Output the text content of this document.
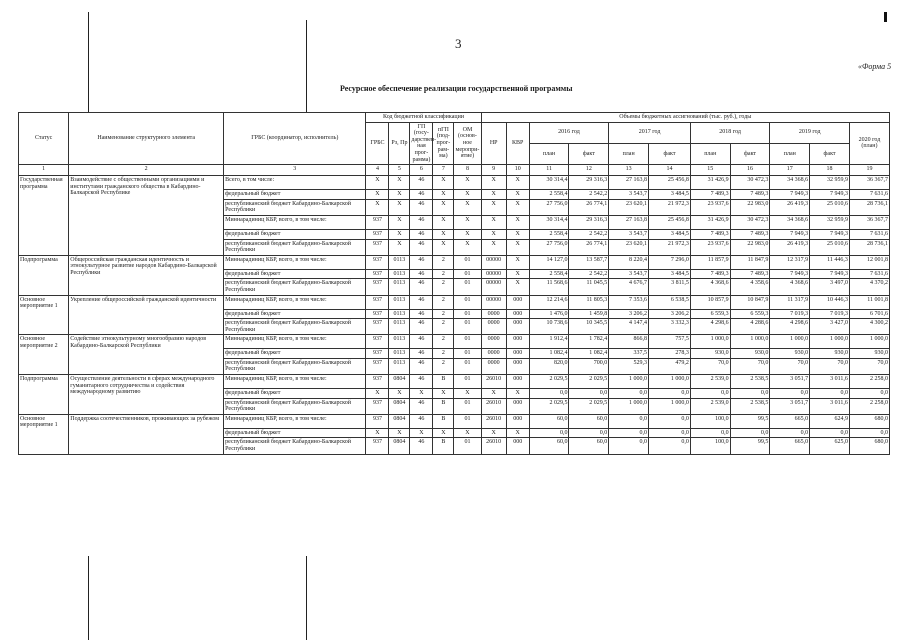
3
Ресурсное обеспечение реализации государственной программы
«Форма 5
Статус	Наименование структурного элемента	ГРБС (координатор, исполнитель)	Код бюджетной классификации					Объемы бюджетных ассигнований (тыс. руб.), годы										
			ГРБС	Рз, Пр	ГП (госу-дарствен-ная прог-рамма)	пГП (под-прог-рам-ма)	ОМ (основ-ное меропри-ятие)	НР	КВР	2016 год		2017 год		2018 год		2019 год		2020 год (план)
										план	факт	план	факт	план	факт	план	факт	
1	2	3	4	5	6	7	8	9	10	11	12	13	14	15	16	17	18	19
Государственная программа	Взаимодействие с общественными организациями и институтами гражданского общества в Кабардино-Балкарской Республике	Всего, в том числе:	X	X	46	X	X	X	X	30 314,4	29 316,3	27 163,8	25 456,8	31 426,9	30 472,3	34 368,6	32 959,9	36 367,7
		федеральный бюджет	X	X	46	X	X	X	X	2 558,4	2 542,2	3 543,7	3 484,5	7 489,3	7 489,3	7 949,3	7 949,3	7 631,6
		республиканский бюджет Кабардино-Балкарской Республики	X	X	46	X	X	X	X	27 756,0	26 774,1	23 620,1	21 972,3	23 937,6	22 983,0	26 419,3	25 010,6	28 736,1
		Миннарадиниц КБР, всего, в том числе:	937	X	46	X	X	X	X	30 314,4	29 316,3	27 163,8	25 456,8	31 426,9	30 472,3	34 368,6	32 959,9	36 367,7
		федеральный бюджет	937	X	46	X	X	X	X	2 558,4	2 542,2	3 543,7	3 484,5	7 489,3	7 489,3	7 949,3	7 949,3	7 631,6
		республиканский бюджет Кабардино-Балкарской Республики	937	X	46	X	X	X	X	27 756,0	26 774,1	23 620,1	21 972,3	23 937,6	22 983,0	26 419,3	25 010,6	28 736,1
Подпрограмма	Общероссийская гражданская идентичность и этнокультурное развитие народов Кабардино-Балкарской Республики	Миннарадиниц КБР, всего, в том числе:	937	0113	46	2	01	00000	X	14 127,0	13 587,7	8 220,4	7 296,0	11 857,9	11 847,9	12 317,9	11 446,3	12 001,8
		федеральный бюджет	937	0113	46	2	01	00000	X	2 558,4	2 542,2	3 543,7	3 484,5	7 489,3	7 489,3	7 949,3	7 949,3	7 631,6
		республиканский бюджет Кабардино-Балкарской Республики	937	0113	46	2	01	00000	X	11 568,6	11 045,5	4 676,7	3 811,5	4 368,6	4 358,6	4 368,6	3 497,0	4 370,2
Основное мероприятие 1	Укрепление общероссийской гражданской идентичности	Миннарадиниц КБР, всего, в том числе:	937	0113	46	2	01	00000	000	12 214,6	11 805,3	7 353,6	6 538,5	10 857,9	10 847,9	11 317,9	10 446,3	11 001,8
		федеральный бюджет	937	0113	46	2	01	0000	000	1 476,0	1 459,8	3 206,2	3 206,2	6 559,3	6 559,3	7 019,3	7 019,3	6 701,6
		республиканский бюджет Кабардино-Балкарской Республики	937	0113	46	2	01	0000	000	10 738,6	10 345,5	4 147,4	3 332,3	4 298,6	4 288,6	4 298,6	3 427,0	4 300,2
Основное мероприятие 2	Содействие этнокультурному многообразию народов Кабардино-Балкарской Республики	Миннарадиниц КБР, всего, в том числе:	937	0113	46	2	01	0000	000	1 912,4	1 782,4	866,8	757,5	1 000,0	1 000,0	1 000,0	1 000,0	1 000,0
		федеральный бюджет	937	0113	46	2	01	0000	000	1 082,4	1 082,4	337,5	278,3	930,0	930,0	930,0	930,0	930,0
		республиканский бюджет Кабардино-Балкарской Республики	937	0113	46	2	01	0000	000	820,0	700,0	529,3	479,2	70,0	70,0	70,0	70,0	70,0
Подпрограмма	Осуществление деятельности в сферах международного гуманитарного сотрудничества и содействия международному развитию	Миннарадиниц КБР, всего, в том числе:	937	0804	46	В	01	26010	000	2 029,5	2 029,5	1 000,0	1 000,0	2 539,0	2 538,5	3 051,7	3 011,6	2 258,0
		федеральный бюджет	X	X	X	X	X	X	X	0,0	0,0	0,0	0,0	0,0	0,0	0,0	0,0	0,0
		республиканский бюджет Кабардино-Балкарской Республики	937	0804	46	В	01	26010	000	2 029,5	2 029,5	1 000,0	1 000,0	2 539,0	2 538,5	3 051,7	3 011,6	2 258,0
Основное мероприятие 1	Поддержка соотечественников, проживающих за рубежом	Миннарадиниц КБР, всего, в том числе:	937	0804	46	В	01	26010	000	60,0	60,0	0,0	0,0	100,0	99,5	665,0	624,9	680,0
		федеральный бюджет	X	X	X	X	X	X	X	0,0	0,0	0,0	0,0	0,0	0,0	0,0	0,0	0,0
		республиканский бюджет Кабардино-Балкарской Республики	937	0804	46	В	01	26010	000	60,0	60,0	0,0	0,0	100,0	99,5	665,0	625,0	680,0
